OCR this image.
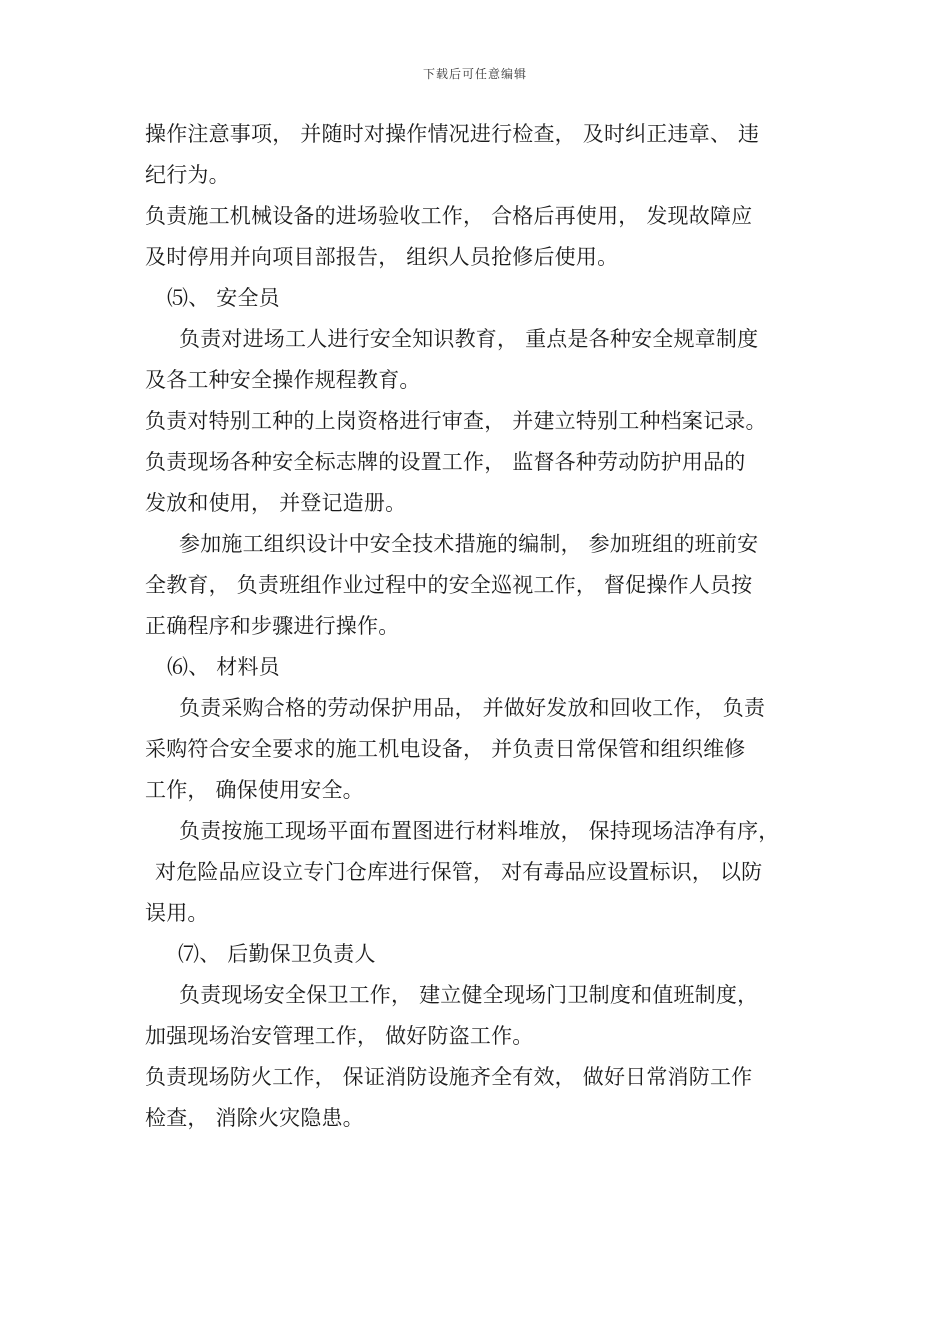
下载后可任意编辑
操作注意事项， 并随时对操作情况进行检查， 及时纠正违章、 违
纪行为。
负责施工机械设备的进场验收工作， 合格后再使用， 发现故障应
及时停用并向项目部报告， 组织人员抢修后使用。
⑸、 安全员
负责对进场工人进行安全知识教育， 重点是各种安全规章制度
及各工种安全操作规程教育。
负责对特别工种的上岗资格进行审查， 并建立特别工种档案记录。
负责现场各种安全标志牌的设置工作， 监督各种劳动防护用品的
发放和使用， 并登记造册。
参加施工组织设计中安全技术措施的编制， 参加班组的班前安
全教育， 负责班组作业过程中的安全巡视工作， 督促操作人员按
正确程序和步骤进行操作。
⑹、 材料员
负责采购合格的劳动保护用品， 并做好发放和回收工作， 负责
采购符合安全要求的施工机电设备， 并负责日常保管和组织维修
工作， 确保使用安全。
负责按施工现场平面布置图进行材料堆放， 保持现场洁净有序，
对危险品应设立专门仓库进行保管， 对有毒品应设置标识， 以防
误用。
⑺、 后勤保卫负责人
负责现场安全保卫工作， 建立健全现场门卫制度和值班制度，
加强现场治安管理工作， 做好防盗工作。
负责现场防火工作， 保证消防设施齐全有效， 做好日常消防工作
检查， 消除火灾隐患。
